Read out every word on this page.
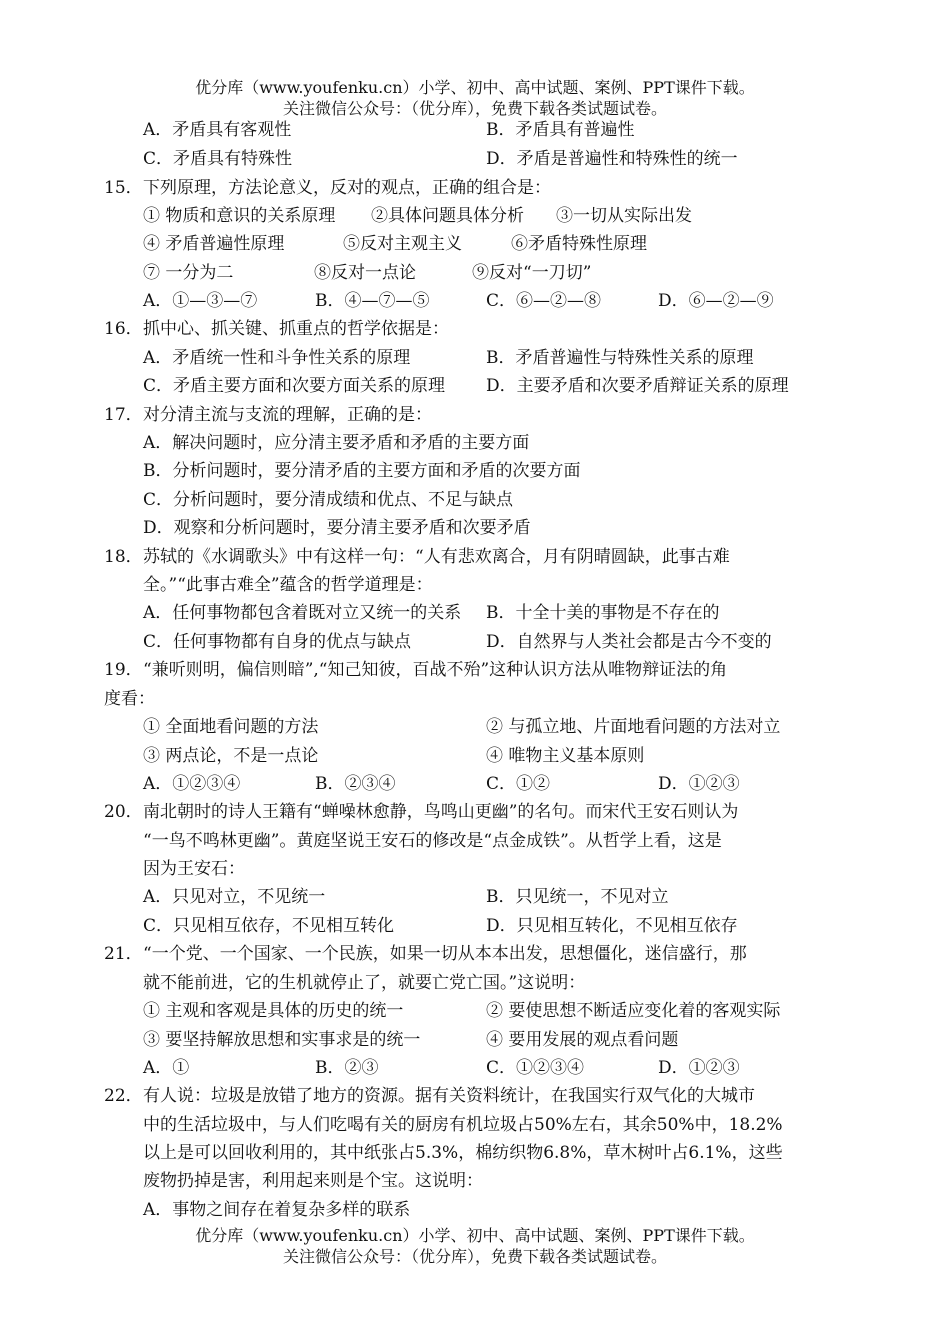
优分库（www.youfenku.cn）小学、初中、高中试题、案例、PPT课件下载。
关注微信公众号：（优分库），免费下载各类试题试卷。
A．矛盾具有客观性	B．矛盾具有普遍性
C．矛盾具有特殊性	D．矛盾是普遍性和特殊性的统一
15． 下列原理，方法论意义，反对的观点，正确的组合是：
① 物质和意识的关系原理 ②具体问题具体分析 ③一切从实际出发
④ 矛盾普遍性原理	⑤反对主观主义	⑥矛盾特殊性原理
⑦ 一分为二	⑧反对一点论	⑨反对“一刀切”
A．①—③—⑦	B．④—⑦—⑤	C．⑥—②—⑧	D．⑥—②—⑨
16． 抓中心、抓关键、抓重点的哲学依据是：
A．矛盾统一性和斗争性关系的原理	B．矛盾普遍性与特殊性关系的原理
C．矛盾主要方面和次要方面关系的原理 D．主要矛盾和次要矛盾辩证关系的原理
17． 对分清主流与支流的理解，正确的是：
A．解决问题时，应分清主要矛盾和矛盾的主要方面
B．分析问题时，要分清矛盾的主要方面和矛盾的次要方面
C．分析问题时，要分清成绩和优点、不足与缺点
D．观察和分析问题时，要分清主要矛盾和次要矛盾
18． 苏轼的《水调歌头》中有这样一句：“人有悲欢离合，月有阴晴圆缺，此事古难
全。”“此事古难全”蕴含的哲学道理是：
A．任何事物都包含着既对立又统一的关系 B．十全十美的事物是不存在的
C．任何事物都有自身的优点与缺点	D．自然界与人类社会都是古今不变的
19． “兼听则明，偏信则暗”,“知己知彼，百战不殆”这种认识方法从唯物辩证法的角
度看：
① 全面地看问题的方法	② 与孤立地、片面地看问题的方法对立
③ 两点论，不是一点论	④ 唯物主义基本原则
A．①②③④	B．②③④	C．①②	D．①②③
20． 南北朝时的诗人王籍有“蝉噪林愈静，鸟鸣山更幽”的名句。而宋代王安石则认为
“一鸟不鸣林更幽”。黄庭坚说王安石的修改是“点金成铁”。从哲学上看，这是
因为王安石：
A．只见对立，不见统一	B．只见统一，不见对立
C．只见相互依存，不见相互转化	D．只见相互转化，不见相互依存
21． “一个党、一个国家、一个民族，如果一切从本本出发，思想僵化，迷信盛行，那
就不能前进，它的生机就停止了，就要亡党亡国。”这说明：
① 主观和客观是具体的历史的统一	② 要使思想不断适应变化着的客观实际
③ 要坚持解放思想和实事求是的统一	④ 要用发展的观点看问题
A．①	B．②③	C．①②③④	D．①②③
22． 有人说：垃圾是放错了地方的资源。据有关资料统计，在我国实行双气化的大城市
中的生活垃圾中，与人们吃喝有关的厨房有机垃圾占50%左右，其余50%中，18.2%
以上是可以回收利用的，其中纸张占5.3%，棉纺织物6.8%，草木树叶占6.1%，这些
废物扔掉是害，利用起来则是个宝。这说明：
A．事物之间存在着复杂多样的联系
优分库（www.youfenku.cn）小学、初中、高中试题、案例、PPT课件下载。
关注微信公众号：（优分库），免费下载各类试题试卷。
